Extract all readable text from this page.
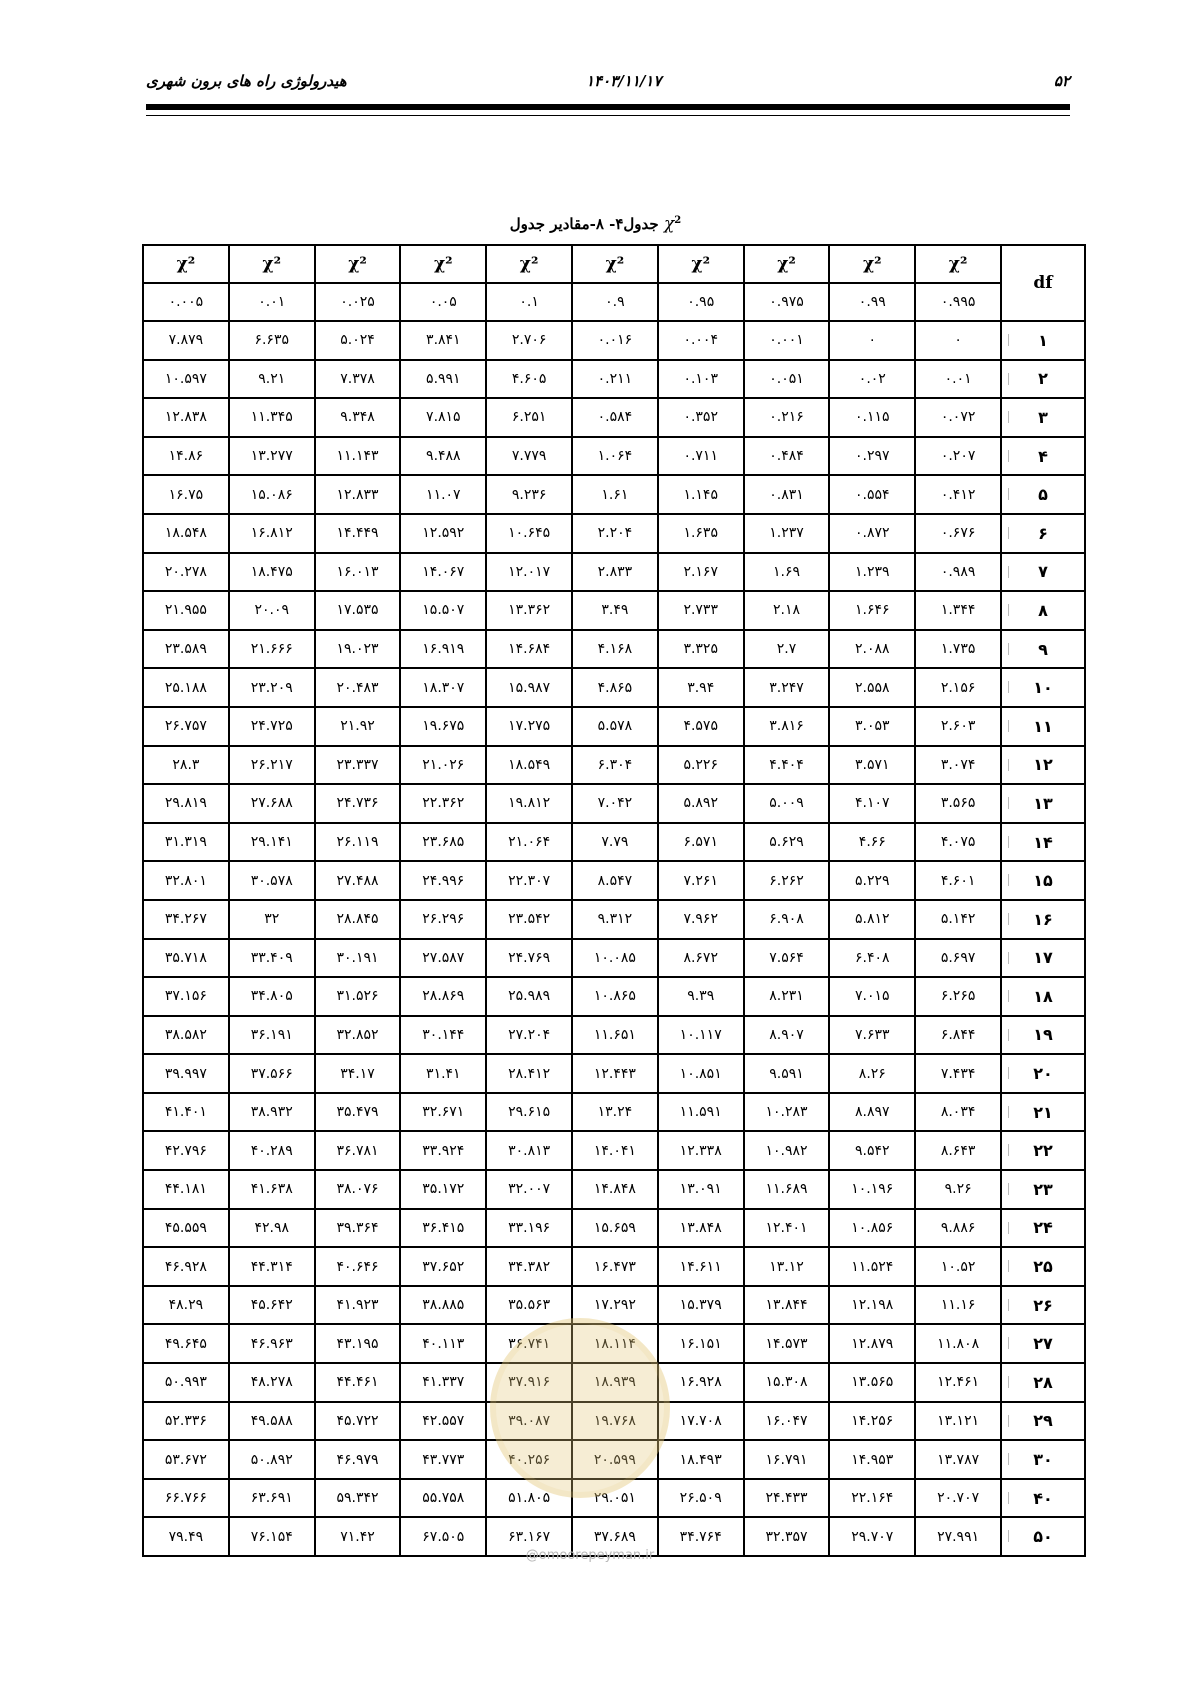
۵۲
۱۴۰۳/۱۱/۱۷
هیدرولوژی راه های برون شهری
جدول۴- ۸-مقادیر جدول $\chi^2$
df	χ²	χ²	χ²	χ²	χ²	χ²	χ²	χ²	χ²	χ²
	۰.۹۹۵	۰.۹۹	۰.۹۷۵	۰.۹۵	۰.۹	۰.۱	۰.۰۵	۰.۰۲۵	۰.۰۱	۰.۰۰۵
۱	۰	۰	۰.۰۰۱	۰.۰۰۴	۰.۰۱۶	۲.۷۰۶	۳.۸۴۱	۵.۰۲۴	۶.۶۳۵	۷.۸۷۹
۲	۰.۰۱	۰.۰۲	۰.۰۵۱	۰.۱۰۳	۰.۲۱۱	۴.۶۰۵	۵.۹۹۱	۷.۳۷۸	۹.۲۱	۱۰.۵۹۷
۳	۰.۰۷۲	۰.۱۱۵	۰.۲۱۶	۰.۳۵۲	۰.۵۸۴	۶.۲۵۱	۷.۸۱۵	۹.۳۴۸	۱۱.۳۴۵	۱۲.۸۳۸
۴	۰.۲۰۷	۰.۲۹۷	۰.۴۸۴	۰.۷۱۱	۱.۰۶۴	۷.۷۷۹	۹.۴۸۸	۱۱.۱۴۳	۱۳.۲۷۷	۱۴.۸۶
۵	۰.۴۱۲	۰.۵۵۴	۰.۸۳۱	۱.۱۴۵	۱.۶۱	۹.۲۳۶	۱۱.۰۷	۱۲.۸۳۳	۱۵.۰۸۶	۱۶.۷۵
۶	۰.۶۷۶	۰.۸۷۲	۱.۲۳۷	۱.۶۳۵	۲.۲۰۴	۱۰.۶۴۵	۱۲.۵۹۲	۱۴.۴۴۹	۱۶.۸۱۲	۱۸.۵۴۸
۷	۰.۹۸۹	۱.۲۳۹	۱.۶۹	۲.۱۶۷	۲.۸۳۳	۱۲.۰۱۷	۱۴.۰۶۷	۱۶.۰۱۳	۱۸.۴۷۵	۲۰.۲۷۸
۸	۱.۳۴۴	۱.۶۴۶	۲.۱۸	۲.۷۳۳	۳.۴۹	۱۳.۳۶۲	۱۵.۵۰۷	۱۷.۵۳۵	۲۰.۰۹	۲۱.۹۵۵
۹	۱.۷۳۵	۲.۰۸۸	۲.۷	۳.۳۲۵	۴.۱۶۸	۱۴.۶۸۴	۱۶.۹۱۹	۱۹.۰۲۳	۲۱.۶۶۶	۲۳.۵۸۹
۱۰	۲.۱۵۶	۲.۵۵۸	۳.۲۴۷	۳.۹۴	۴.۸۶۵	۱۵.۹۸۷	۱۸.۳۰۷	۲۰.۴۸۳	۲۳.۲۰۹	۲۵.۱۸۸
۱۱	۲.۶۰۳	۳.۰۵۳	۳.۸۱۶	۴.۵۷۵	۵.۵۷۸	۱۷.۲۷۵	۱۹.۶۷۵	۲۱.۹۲	۲۴.۷۲۵	۲۶.۷۵۷
۱۲	۳.۰۷۴	۳.۵۷۱	۴.۴۰۴	۵.۲۲۶	۶.۳۰۴	۱۸.۵۴۹	۲۱.۰۲۶	۲۳.۳۳۷	۲۶.۲۱۷	۲۸.۳
۱۳	۳.۵۶۵	۴.۱۰۷	۵.۰۰۹	۵.۸۹۲	۷.۰۴۲	۱۹.۸۱۲	۲۲.۳۶۲	۲۴.۷۳۶	۲۷.۶۸۸	۲۹.۸۱۹
۱۴	۴.۰۷۵	۴.۶۶	۵.۶۲۹	۶.۵۷۱	۷.۷۹	۲۱.۰۶۴	۲۳.۶۸۵	۲۶.۱۱۹	۲۹.۱۴۱	۳۱.۳۱۹
۱۵	۴.۶۰۱	۵.۲۲۹	۶.۲۶۲	۷.۲۶۱	۸.۵۴۷	۲۲.۳۰۷	۲۴.۹۹۶	۲۷.۴۸۸	۳۰.۵۷۸	۳۲.۸۰۱
۱۶	۵.۱۴۲	۵.۸۱۲	۶.۹۰۸	۷.۹۶۲	۹.۳۱۲	۲۳.۵۴۲	۲۶.۲۹۶	۲۸.۸۴۵	۳۲	۳۴.۲۶۷
۱۷	۵.۶۹۷	۶.۴۰۸	۷.۵۶۴	۸.۶۷۲	۱۰.۰۸۵	۲۴.۷۶۹	۲۷.۵۸۷	۳۰.۱۹۱	۳۳.۴۰۹	۳۵.۷۱۸
۱۸	۶.۲۶۵	۷.۰۱۵	۸.۲۳۱	۹.۳۹	۱۰.۸۶۵	۲۵.۹۸۹	۲۸.۸۶۹	۳۱.۵۲۶	۳۴.۸۰۵	۳۷.۱۵۶
۱۹	۶.۸۴۴	۷.۶۳۳	۸.۹۰۷	۱۰.۱۱۷	۱۱.۶۵۱	۲۷.۲۰۴	۳۰.۱۴۴	۳۲.۸۵۲	۳۶.۱۹۱	۳۸.۵۸۲
۲۰	۷.۴۳۴	۸.۲۶	۹.۵۹۱	۱۰.۸۵۱	۱۲.۴۴۳	۲۸.۴۱۲	۳۱.۴۱	۳۴.۱۷	۳۷.۵۶۶	۳۹.۹۹۷
۲۱	۸.۰۳۴	۸.۸۹۷	۱۰.۲۸۳	۱۱.۵۹۱	۱۳.۲۴	۲۹.۶۱۵	۳۲.۶۷۱	۳۵.۴۷۹	۳۸.۹۳۲	۴۱.۴۰۱
۲۲	۸.۶۴۳	۹.۵۴۲	۱۰.۹۸۲	۱۲.۳۳۸	۱۴.۰۴۱	۳۰.۸۱۳	۳۳.۹۲۴	۳۶.۷۸۱	۴۰.۲۸۹	۴۲.۷۹۶
۲۳	۹.۲۶	۱۰.۱۹۶	۱۱.۶۸۹	۱۳.۰۹۱	۱۴.۸۴۸	۳۲.۰۰۷	۳۵.۱۷۲	۳۸.۰۷۶	۴۱.۶۳۸	۴۴.۱۸۱
۲۴	۹.۸۸۶	۱۰.۸۵۶	۱۲.۴۰۱	۱۳.۸۴۸	۱۵.۶۵۹	۳۳.۱۹۶	۳۶.۴۱۵	۳۹.۳۶۴	۴۲.۹۸	۴۵.۵۵۹
۲۵	۱۰.۵۲	۱۱.۵۲۴	۱۳.۱۲	۱۴.۶۱۱	۱۶.۴۷۳	۳۴.۳۸۲	۳۷.۶۵۲	۴۰.۶۴۶	۴۴.۳۱۴	۴۶.۹۲۸
۲۶	۱۱.۱۶	۱۲.۱۹۸	۱۳.۸۴۴	۱۵.۳۷۹	۱۷.۲۹۲	۳۵.۵۶۳	۳۸.۸۸۵	۴۱.۹۲۳	۴۵.۶۴۲	۴۸.۲۹
۲۷	۱۱.۸۰۸	۱۲.۸۷۹	۱۴.۵۷۳	۱۶.۱۵۱	۱۸.۱۱۴	۳۶.۷۴۱	۴۰.۱۱۳	۴۳.۱۹۵	۴۶.۹۶۳	۴۹.۶۴۵
۲۸	۱۲.۴۶۱	۱۳.۵۶۵	۱۵.۳۰۸	۱۶.۹۲۸	۱۸.۹۳۹	۳۷.۹۱۶	۴۱.۳۳۷	۴۴.۴۶۱	۴۸.۲۷۸	۵۰.۹۹۳
۲۹	۱۳.۱۲۱	۱۴.۲۵۶	۱۶.۰۴۷	۱۷.۷۰۸	۱۹.۷۶۸	۳۹.۰۸۷	۴۲.۵۵۷	۴۵.۷۲۲	۴۹.۵۸۸	۵۲.۳۳۶
۳۰	۱۳.۷۸۷	۱۴.۹۵۳	۱۶.۷۹۱	۱۸.۴۹۳	۲۰.۵۹۹	۴۰.۲۵۶	۴۳.۷۷۳	۴۶.۹۷۹	۵۰.۸۹۲	۵۳.۶۷۲
۴۰	۲۰.۷۰۷	۲۲.۱۶۴	۲۴.۴۳۳	۲۶.۵۰۹	۲۹.۰۵۱	۵۱.۸۰۵	۵۵.۷۵۸	۵۹.۳۴۲	۶۳.۶۹۱	۶۶.۷۶۶
۵۰	۲۷.۹۹۱	۲۹.۷۰۷	۳۲.۳۵۷	۳۴.۷۶۴	۳۷.۶۸۹	۶۳.۱۶۷	۶۷.۵۰۵	۷۱.۴۲	۷۶.۱۵۴	۷۹.۴۹
@omoorepeyman.ir
